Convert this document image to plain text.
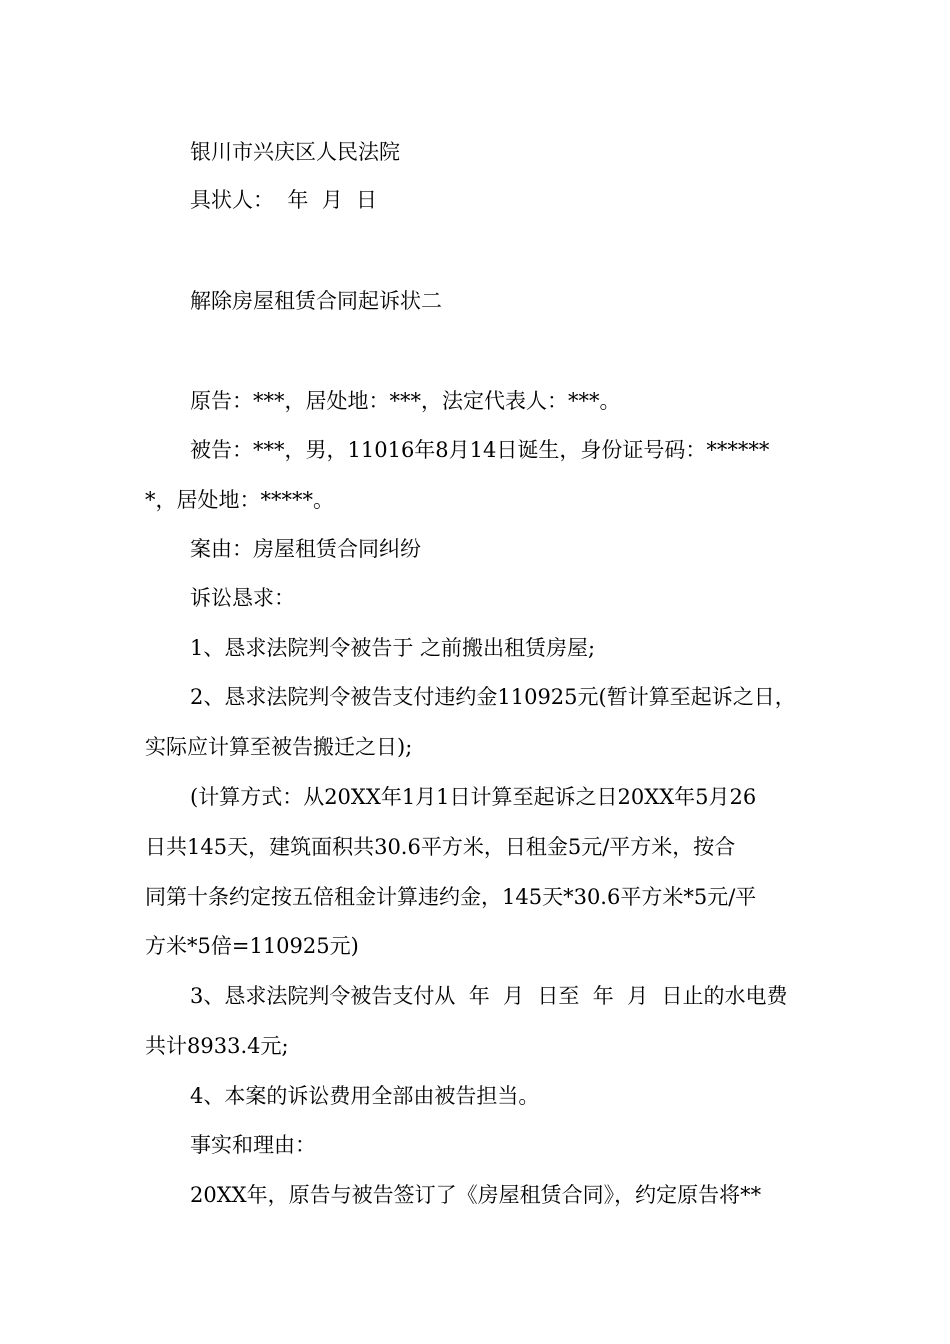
银川市兴庆区人民法院
具状人：  年  月  日
解除房屋租赁合同起诉状二
原告：***，居处地：***，法定代表人：***。
被告：***，男，11016年8月14日诞生，身份证号码：******
*，居处地：*****。
案由：房屋租赁合同纠纷
诉讼恳求：
1、恳求法院判令被告于 之前搬出租赁房屋;
2、恳求法院判令被告支付违约金110925元(暂计算至起诉之日，
实际应计算至被告搬迁之日);
(计算方式：从20XX年1月1日计算至起诉之日20XX年5月26
日共145天，建筑面积共30.6平方米，日租金5元/平方米，按合
同第十条约定按五倍租金计算违约金，145天*30.6平方米*5元/平
方米*5倍=110925元)
3、恳求法院判令被告支付从  年  月  日至  年  月  日止的水电费
共计8933.4元;
4、本案的诉讼费用全部由被告担当。
事实和理由：
20XX年，原告与被告签订了《房屋租赁合同》，约定原告将**
